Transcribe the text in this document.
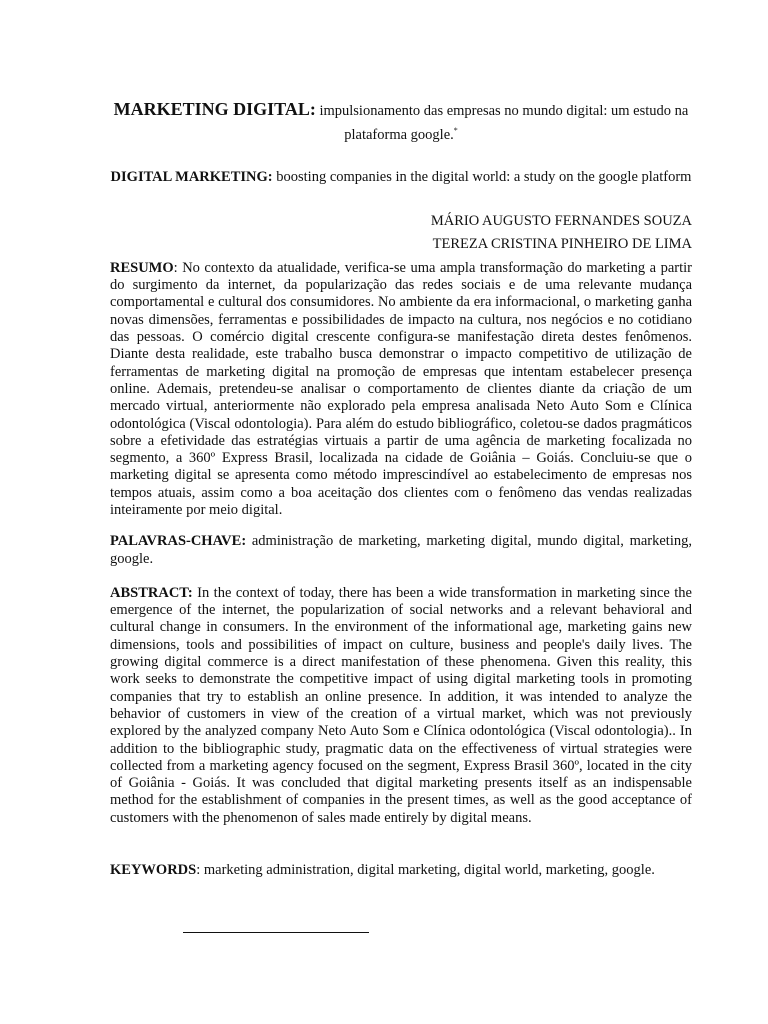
MARKETING DIGITAL: impulsionamento das empresas no mundo digital: um estudo na plataforma google.*

DIGITAL MARKETING: boosting companies in the digital world: a study on the google platform

MÁRIO AUGUSTO FERNANDES SOUZA
TEREZA CRISTINA PINHEIRO DE LIMA

RESUMO: No contexto da atualidade, verifica-se uma ampla transformação do marketing a partir do surgimento da internet, da popularização das redes sociais e de uma relevante mudança comportamental e cultural dos consumidores. No ambiente da era informacional, o marketing ganha novas dimensões, ferramentas e possibilidades de impacto na cultura, nos negócios e no cotidiano das pessoas. O comércio digital crescente configura-se manifestação direta destes fenômenos. Diante desta realidade, este trabalho busca demonstrar o impacto competitivo de utilização de ferramentas de marketing digital na promoção de empresas que intentam estabelecer presença online. Ademais, pretendeu-se analisar o comportamento de clientes diante da criação de um mercado virtual, anteriormente não explorado pela empresa analisada Neto Auto Som e Clínica odontológica (Viscal odontologia). Para além do estudo bibliográfico, coletou-se dados pragmáticos sobre a efetividade das estratégias virtuais a partir de uma agência de marketing focalizada no segmento, a 360º Express Brasil, localizada na cidade de Goiânia – Goiás. Concluiu-se que o marketing digital se apresenta como método imprescindível ao estabelecimento de empresas nos tempos atuais, assim como a boa aceitação dos clientes com o fenômeno das vendas realizadas inteiramente por meio digital.

PALAVRAS-CHAVE: administração de marketing, marketing digital, mundo digital, marketing, google.

ABSTRACT: In the context of today, there has been a wide transformation in marketing since the emergence of the internet, the popularization of social networks and a relevant behavioral and cultural change in consumers. In the environment of the informational age, marketing gains new dimensions, tools and possibilities of impact on culture, business and people's daily lives. The growing digital commerce is a direct manifestation of these phenomena. Given this reality, this work seeks to demonstrate the competitive impact of using digital marketing tools in promoting companies that try to establish an online presence. In addition, it was intended to analyze the behavior of customers in view of the creation of a virtual market, which was not previously explored by the analyzed company Neto Auto Som e Clínica odontológica (Viscal odontologia).. In addition to the bibliographic study, pragmatic data on the effectiveness of virtual strategies were collected from a marketing agency focused on the segment, Express Brasil 360º, located in the city of Goiânia - Goiás. It was concluded that digital marketing presents itself as an indispensable method for the establishment of companies in the present times, as well as the good acceptance of customers with the phenomenon of sales made entirely by digital means.

KEYWORDS: marketing administration, digital marketing, digital world, marketing, google.
